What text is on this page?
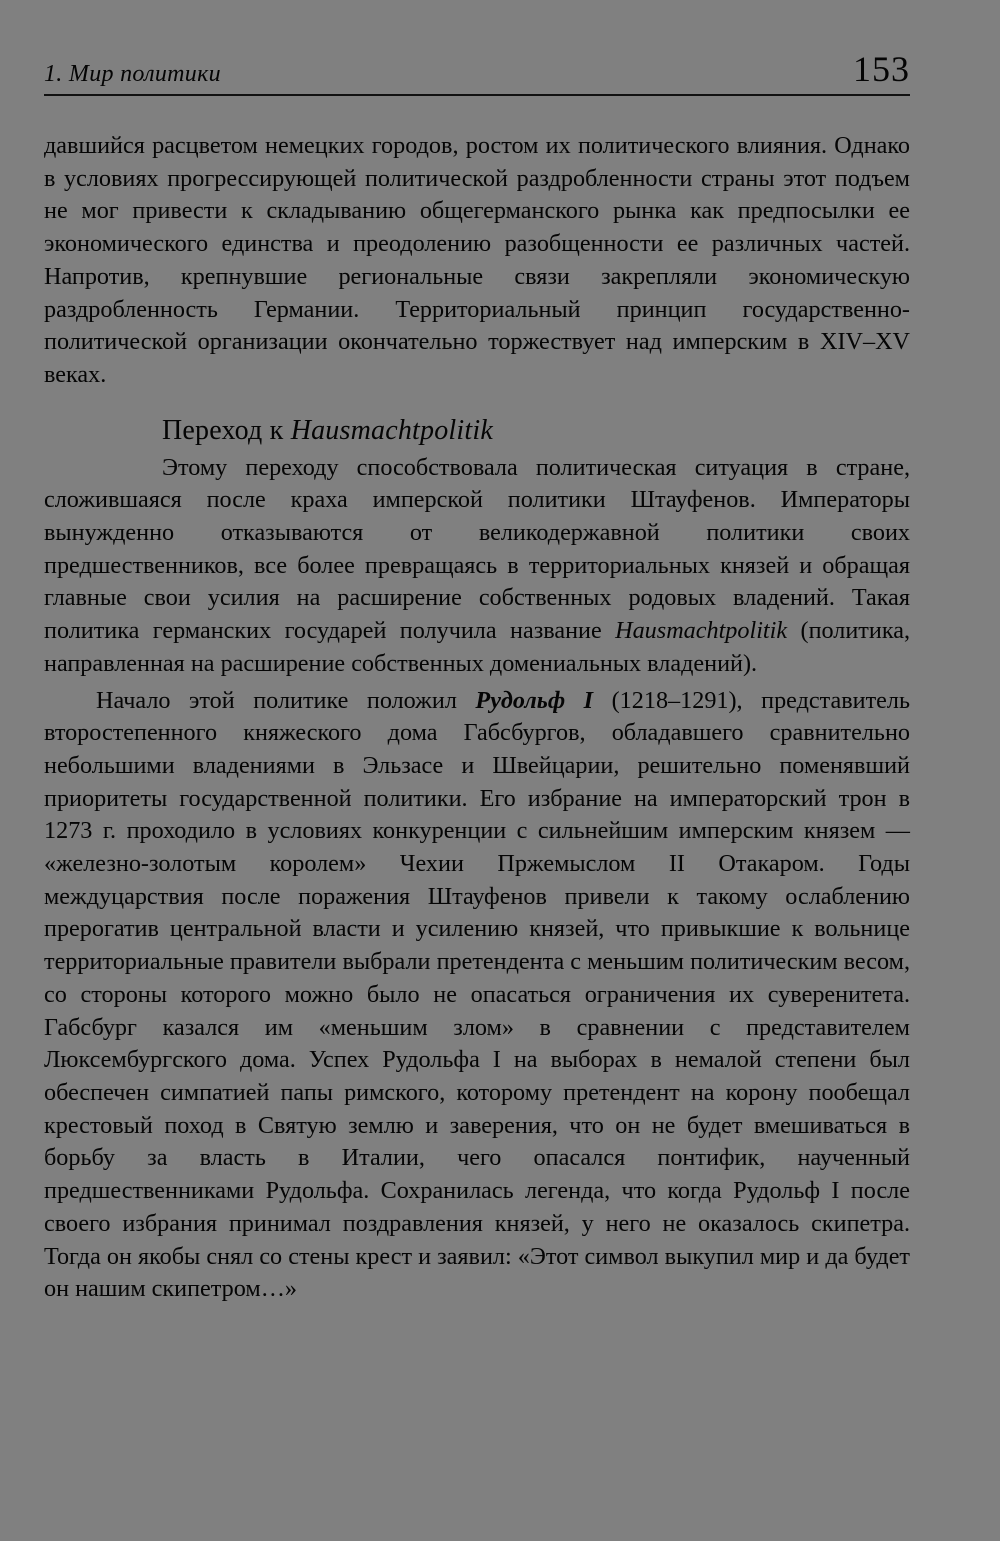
1. Мир политики	153

давшийся расцветом немецких городов, ростом их политического влияния. Однако в условиях прогрессирующей политической раздробленности страны этот подъем не мог привести к складыванию общегерманского рынка как предпосылки ее экономического единства и преодолению разобщенности ее различных частей. Напротив, крепнувшие региональные связи закрепляли экономическую раздробленность Германии. Территориальный принцип государственно-политической организации окончательно торжествует над имперским в XIV–XV веках.

Переход к Hausmachtpolitik

Этому переходу способствовала политическая ситуация в стране, сложившаяся после краха имперской политики Штауфенов. Императоры вынужденно отказываются от великодержавной политики своих предшественников, все более превращаясь в территориальных князей и обращая главные свои усилия на расширение собственных родовых владений. Такая политика германских государей получила название Hausmachtpolitik (политика, направленная на расширение собственных домениальных владений).

Начало этой политике положил Рудольф I (1218–1291), представитель второстепенного княжеского дома Габсбургов, обладавшего сравнительно небольшими владениями в Эльзасе и Швейцарии, решительно поменявший приоритеты государственной политики. Его избрание на императорский трон в 1273 г. проходило в условиях конкуренции с сильнейшим имперским князем — «железно-золотым королем» Чехии Пржемыслом II Отакаром. Годы междуцарствия после поражения Штауфенов привели к такому ослаблению прерогатив центральной власти и усилению князей, что привыкшие к вольнице территориальные правители выбрали претендента с меньшим политическим весом, со стороны которого можно было не опасаться ограничения их суверенитета. Габсбург казался им «меньшим злом» в сравнении с представителем Люксембургского дома. Успех Рудольфа I на выборах в немалой степени был обеспечен симпатией папы римского, которому претендент на корону пообещал крестовый поход в Святую землю и заверения, что он не будет вмешиваться в борьбу за власть в Италии, чего опасался понтифик, наученный предшественниками Рудольфа. Сохранилась легенда, что когда Рудольф I после своего избрания принимал поздравления князей, у него не оказалось скипетра. Тогда он якобы снял со стены крест и заявил: «Этот символ выкупил мир и да будет он нашим скипетром…»
